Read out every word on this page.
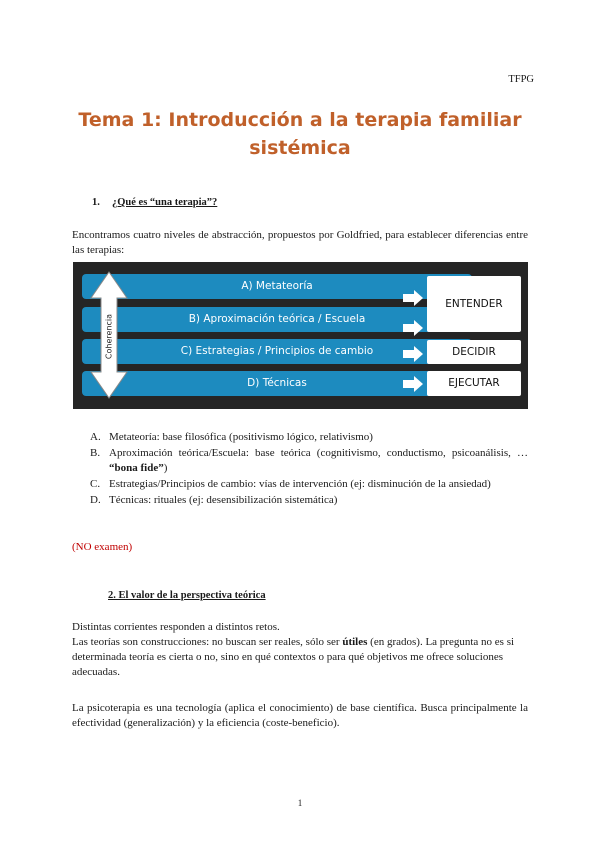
TFPG
Tema 1: Introducción a la terapia familiar
sistémica
1. ¿Qué es “una terapia”?
Encontramos cuatro niveles de abstracción, propuestos por Goldfried, para establecer diferencias entre las terapias:
A) Metateoría
B) Aproximación teórica / Escuela
C) Estrategias / Principios de cambio
D) Técnicas
Coherencia
ENTENDER
DECIDIR
EJECUTAR
A. Metateoría: base filosófica (positivismo lógico, relativismo)
B. Aproximación teórica/Escuela: base teórica (cognitivismo, conductismo, psicoanálisis, … “bona fide”)
C. Estrategias/Principios de cambio: vías de intervención (ej: disminución de la ansiedad)
D. Técnicas: rituales (ej: desensibilización sistemática)
(NO examen)
2. El valor de la perspectiva teórica

Distintas corrientes responden a distintos retos.

Las teorías son construcciones: no buscan ser reales, sólo ser útiles (en grados). La pregunta no es si determinada teoría es cierta o no, sino en qué contextos o para qué objetivos me ofrece soluciones adecuadas.

La psicoterapia es una tecnología (aplica el conocimiento) de base científica. Busca principalmente la efectividad (generalización) y la eficiencia (coste-beneficio).
1
